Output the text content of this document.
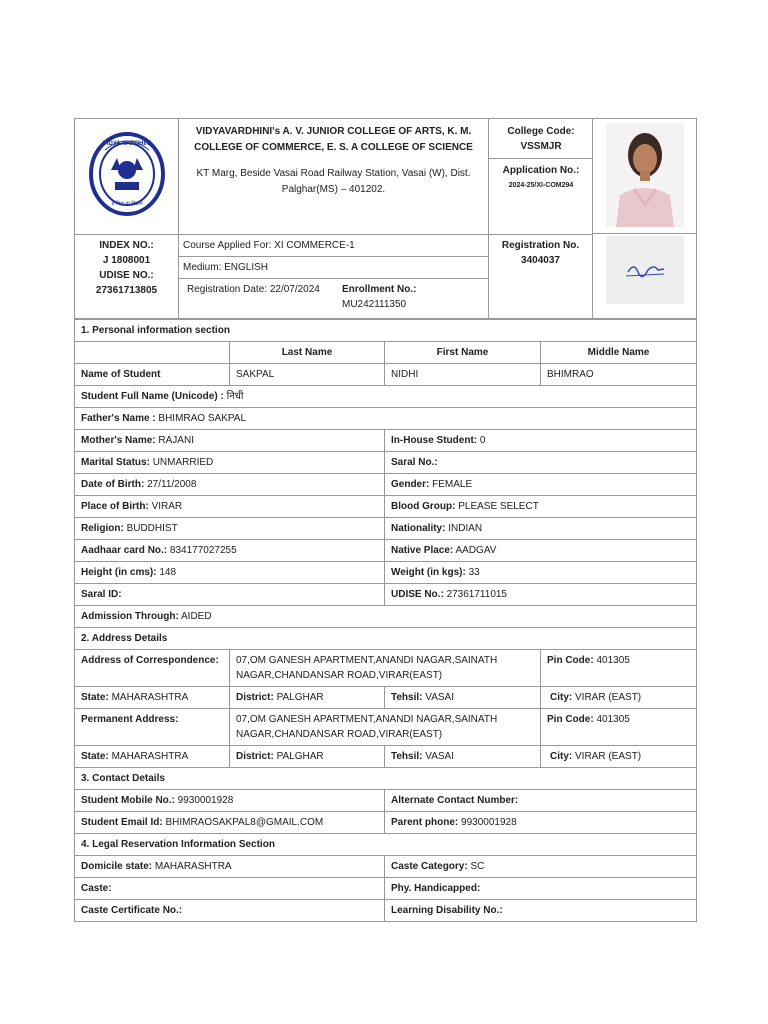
VIDYA-VARDHINI
ज्ञ विदा हा विद्याने

VIDYAVARDHINI's A. V. JUNIOR COLLEGE OF ARTS, K. M. COLLEGE OF COMMERCE, E. S. A COLLEGE OF SCIENCE
KT Marg, Beside Vasai Road Railway Station, Vasai (W), Dist. Palghar(MS) – 401202.

College Code:
VSSMJR

Application No.:
2024-25/XI-COM294

INDEX NO.:
J 1808001
UDISE NO.:
27361713805

Course Applied For: XI COMMERCE-1
Medium: ENGLISH
Registration Date: 22/07/2024	Enrollment No.:
MU242111350

Registration No.
3404037
1. Personal information section			
	Last Name	First Name	Middle Name
Name of Student	SAKPAL	NIDHI	BHIMRAO
Student Full Name (Unicode) : निधी			
Father's Name : BHIMRAO SAKPAL			
Mother's Name: RAJANI		In-House Student: 0	
Marital Status: UNMARRIED		Saral No.:	
Date of Birth: 27/11/2008		Gender: FEMALE	
Place of Birth: VIRAR		Blood Group: PLEASE SELECT	
Religion: BUDDHIST		Nationality: INDIAN	
Aadhaar card No.: 834177027255		Native Place: AADGAV	
Height (in cms): 148		Weight (in kgs): 33	
Saral ID:		UDISE No.: 27361711015	
Admission Through: AIDED			
2. Address Details			
Address of Correspondence:	07,OM GANESH APARTMENT,ANANDI NAGAR,SAINATH NAGAR,CHANDANSAR ROAD,VIRAR(EAST)		Pin Code: 401305
State: MAHARASHTRA	District: PALGHAR	Tehsil: VASAI	City: VIRAR (EAST)
Permanent Address:	07,OM GANESH APARTMENT,ANANDI NAGAR,SAINATH NAGAR,CHANDANSAR ROAD,VIRAR(EAST)		Pin Code: 401305
State: MAHARASHTRA	District: PALGHAR	Tehsil: VASAI	City: VIRAR (EAST)
3. Contact Details			
Student Mobile No.: 9930001928		Alternate Contact Number:	
Student Email Id: BHIMRAOSAKPAL8@GMAIL.COM		Parent phone: 9930001928	
4. Legal Reservation Information Section			
Domicile state: MAHARASHTRA		Caste Category: SC	
Caste:		Phy. Handicapped:	
Caste Certificate No.:		Learning Disability No.:	
